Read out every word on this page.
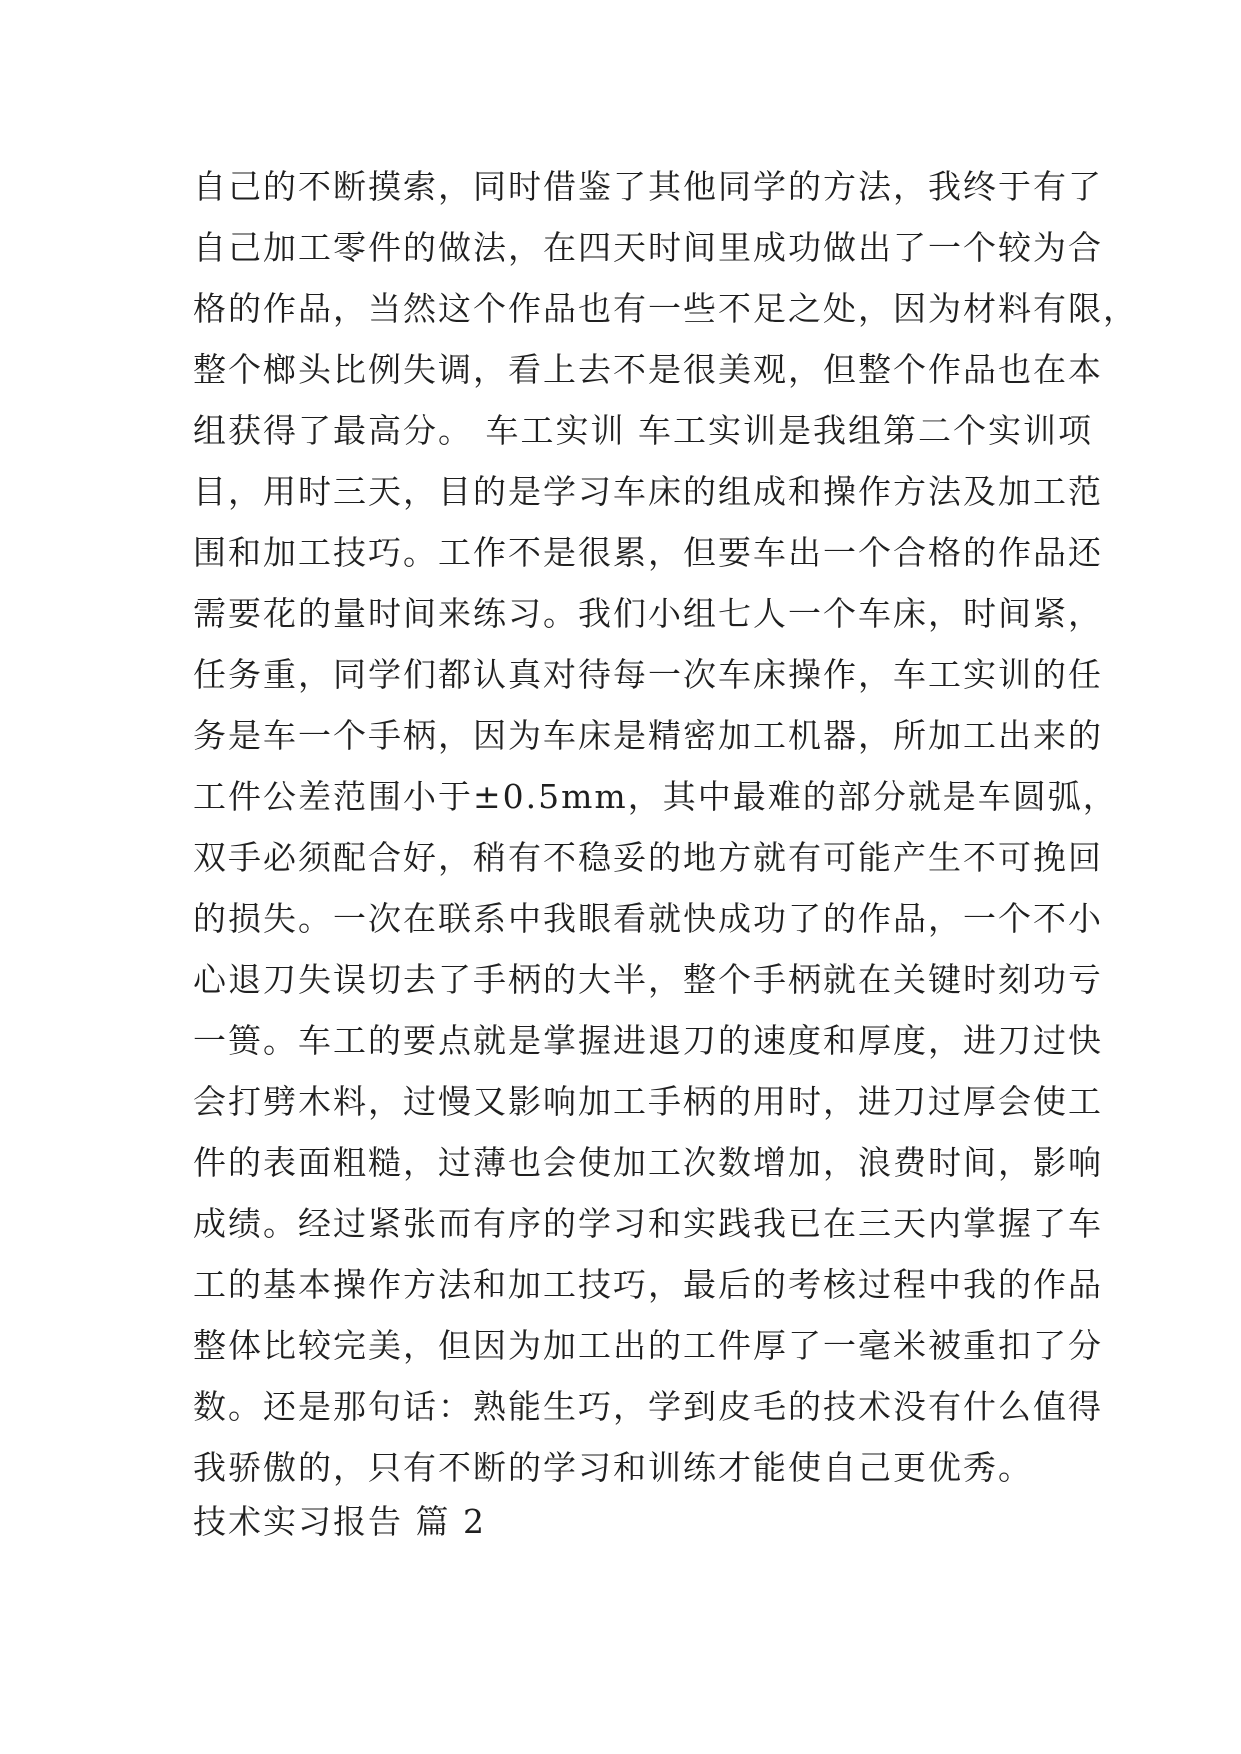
自己的不断摸索，同时借鉴了其他同学的方法，我终于有了
自己加工零件的做法，在四天时间里成功做出了一个较为合
格的作品，当然这个作品也有一些不足之处，因为材料有限，
整个榔头比例失调，看上去不是很美观，但整个作品也在本
组获得了最高分。 车工实训 车工实训是我组第二个实训项
目，用时三天，目的是学习车床的组成和操作方法及加工范
围和加工技巧。工作不是很累，但要车出一个合格的作品还
需要花的量时间来练习。我们小组七人一个车床，时间紧，
任务重，同学们都认真对待每一次车床操作，车工实训的任
务是车一个手柄，因为车床是精密加工机器，所加工出来的
工件公差范围小于±0.5mm，其中最难的部分就是车圆弧，
双手必须配合好，稍有不稳妥的地方就有可能产生不可挽回
的损失。一次在联系中我眼看就快成功了的作品，一个不小
心退刀失误切去了手柄的大半，整个手柄就在关键时刻功亏
一篑。车工的要点就是掌握进退刀的速度和厚度，进刀过快
会打劈木料，过慢又影响加工手柄的用时，进刀过厚会使工
件的表面粗糙，过薄也会使加工次数增加，浪费时间，影响
成绩。经过紧张而有序的学习和实践我已在三天内掌握了车
工的基本操作方法和加工技巧，最后的考核过程中我的作品
整体比较完美，但因为加工出的工件厚了一毫米被重扣了分
数。还是那句话：熟能生巧，学到皮毛的技术没有什么值得
我骄傲的，只有不断的学习和训练才能使自己更优秀。
技术实习报告 篇 2
